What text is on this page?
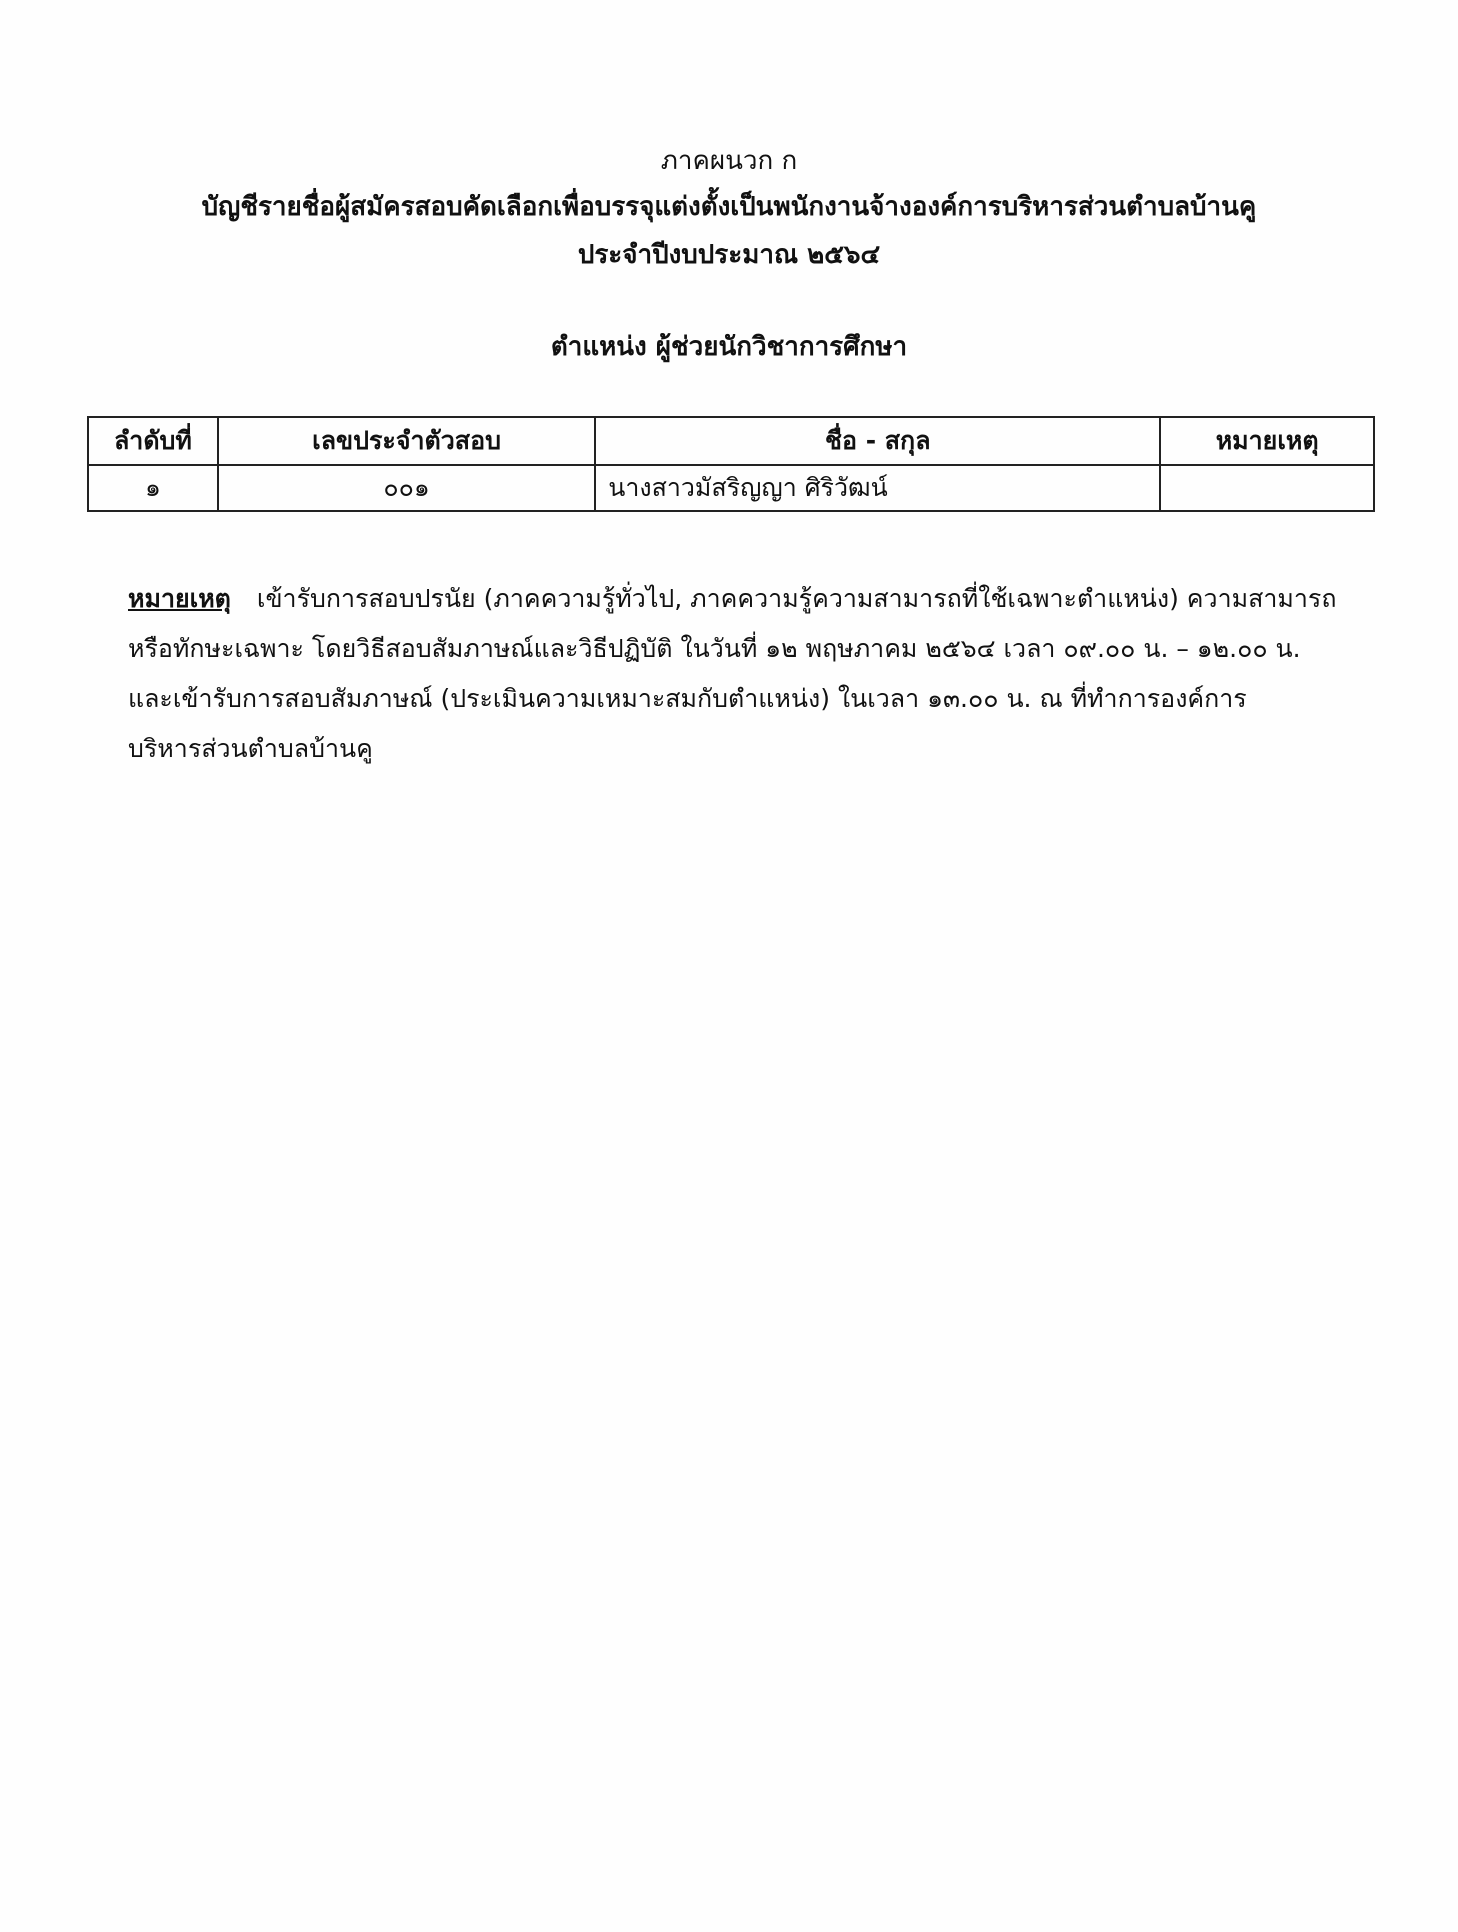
ภาคผนวก ก
บัญชีรายชื่อผู้สมัครสอบคัดเลือกเพื่อบรรจุแต่งตั้งเป็นพนักงานจ้างองค์การบริหารส่วนตำบลบ้านคู
ประจำปีงบประมาณ ๒๕๖๔
ตำแหน่ง ผู้ช่วยนักวิชาการศึกษา
ลำดับที่	เลขประจำตัวสอบ	ชื่อ - สกุล	หมายเหตุ
๑	๐๐๑	นางสาวมัสริญญา ศิริวัฒน์	
หมายเหตุ เข้ารับการสอบปรนัย (ภาคความรู้ทั่วไป, ภาคความรู้ความสามารถที่ใช้เฉพาะตำแหน่ง) ความสามารถ
หรือทักษะเฉพาะ โดยวิธีสอบสัมภาษณ์และวิธีปฏิบัติ ในวันที่ ๑๒ พฤษภาคม ๒๕๖๔ เวลา ๐๙.๐๐ น. – ๑๒.๐๐ น.
และเข้ารับการสอบสัมภาษณ์ (ประเมินความเหมาะสมกับตำแหน่ง) ในเวลา ๑๓.๐๐ น. ณ ที่ทำการองค์การ
บริหารส่วนตำบลบ้านคู
